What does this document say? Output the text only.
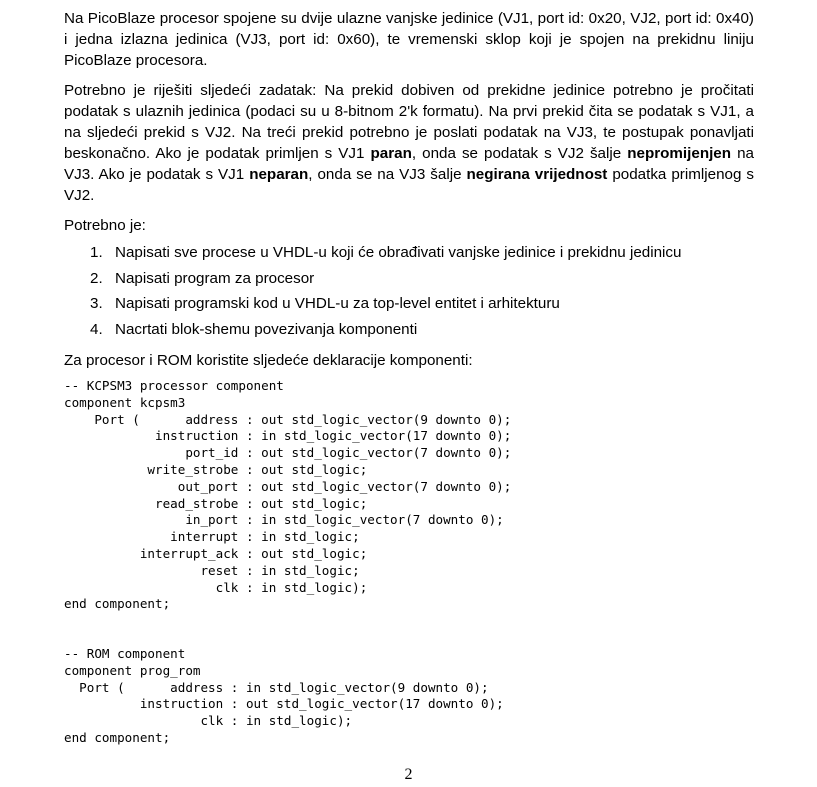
Na PicoBlaze procesor spojene su dvije ulazne vanjske jedinice (VJ1, port id: 0x20, VJ2, port id: 0x40) i jedna izlazna jedinica (VJ3, port id: 0x60), te vremenski sklop koji je spojen na prekidnu liniju PicoBlaze procesora.

Potrebno je riješiti sljedeći zadatak: Na prekid dobiven od prekidne jedinice potrebno je pročitati podatak s ulaznih jedinica (podaci su u 8-bitnom 2'k formatu). Na prvi prekid čita se podatak s VJ1, a na sljedeći prekid s VJ2. Na treći prekid potrebno je poslati podatak na VJ3, te postupak ponavljati beskonačno. Ako je podatak primljen s VJ1 paran, onda se podatak s VJ2 šalje nepromijenjen na VJ3. Ako je podatak s VJ1 neparan, onda se na VJ3 šalje negirana vrijednost podatka primljenog s VJ2.

Potrebno je:

1. Napisati sve procese u VHDL-u koji će obrađivati vanjske jedinice i prekidnu jedinicu
2. Napisati program za procesor
3. Napisati programski kod u VHDL-u za top-level entitet i arhitekturu
4. Nacrtati blok-shemu povezivanja komponenti

Za procesor i ROM koristite sljedeće deklaracije komponenti:

-- KCPSM3 processor component
component kcpsm3
Port (      address : out std_logic_vector(9 downto 0);
instruction : in std_logic_vector(17 downto 0);
port_id : out std_logic_vector(7 downto 0);
write_strobe : out std_logic;
out_port : out std_logic_vector(7 downto 0);
read_strobe : out std_logic;
in_port : in std_logic_vector(7 downto 0);
interrupt : in std_logic;
interrupt_ack : out std_logic;
reset : in std_logic;
clk : in std_logic);
end component;
-- ROM component
component prog_rom
Port (      address : in std_logic_vector(9 downto 0);
instruction : out std_logic_vector(17 downto 0);
clk : in std_logic);
end component;
2
